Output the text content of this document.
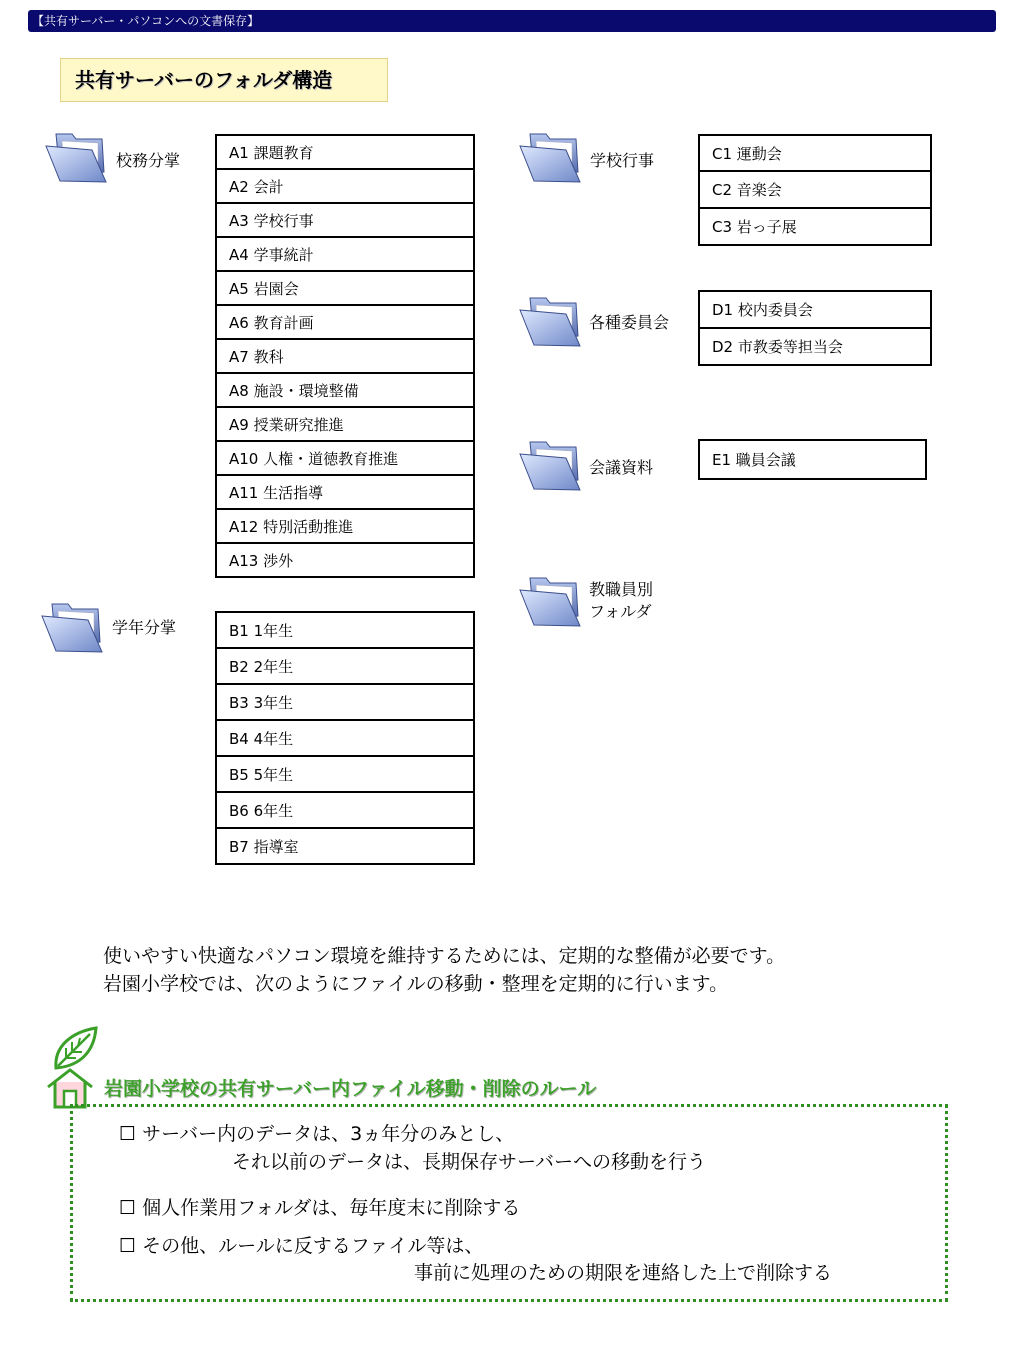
【共有サーバー・パソコンへの文書保存】
共有サーバーのフォルダ構造
校務分掌	A1 課題教育
A2 会計
A3 学校行事
A4 学事統計
A5 岩園会
A6 教育計画
A7 教科
A8 施設・環境整備
A9 授業研究推進
A10 人権・道徳教育推進
A11 生活指導
A12 特別活動推進
A13 渉外
学年分掌	B1 1年生
B2 2年生
B3 3年生
B4 4年生
B5 5年生
B6 6年生
B7 指導室
学校行事	C1 運動会
C2 音楽会
C3 岩っ子展
各種委員会
D1 校内委員会
D2 市教委等担当会
会議資料	E1 職員会議
教職員別
フォルダ
使いやすい快適なパソコン環境を維持するためには、定期的な整備が必要です。
岩園小学校では、次のようにファイルの移動・整理を定期的に行います。
岩園小学校の共有サーバー内ファイル移動・削除のルール
☐ サーバー内のデータは、3ヵ年分のみとし、
それ以前のデータは、長期保存サーバーへの移動を行う
☐ 個人作業用フォルダは、毎年度末に削除する
☐ その他、ルールに反するファイル等は、
事前に処理のための期限を連絡した上で削除する
